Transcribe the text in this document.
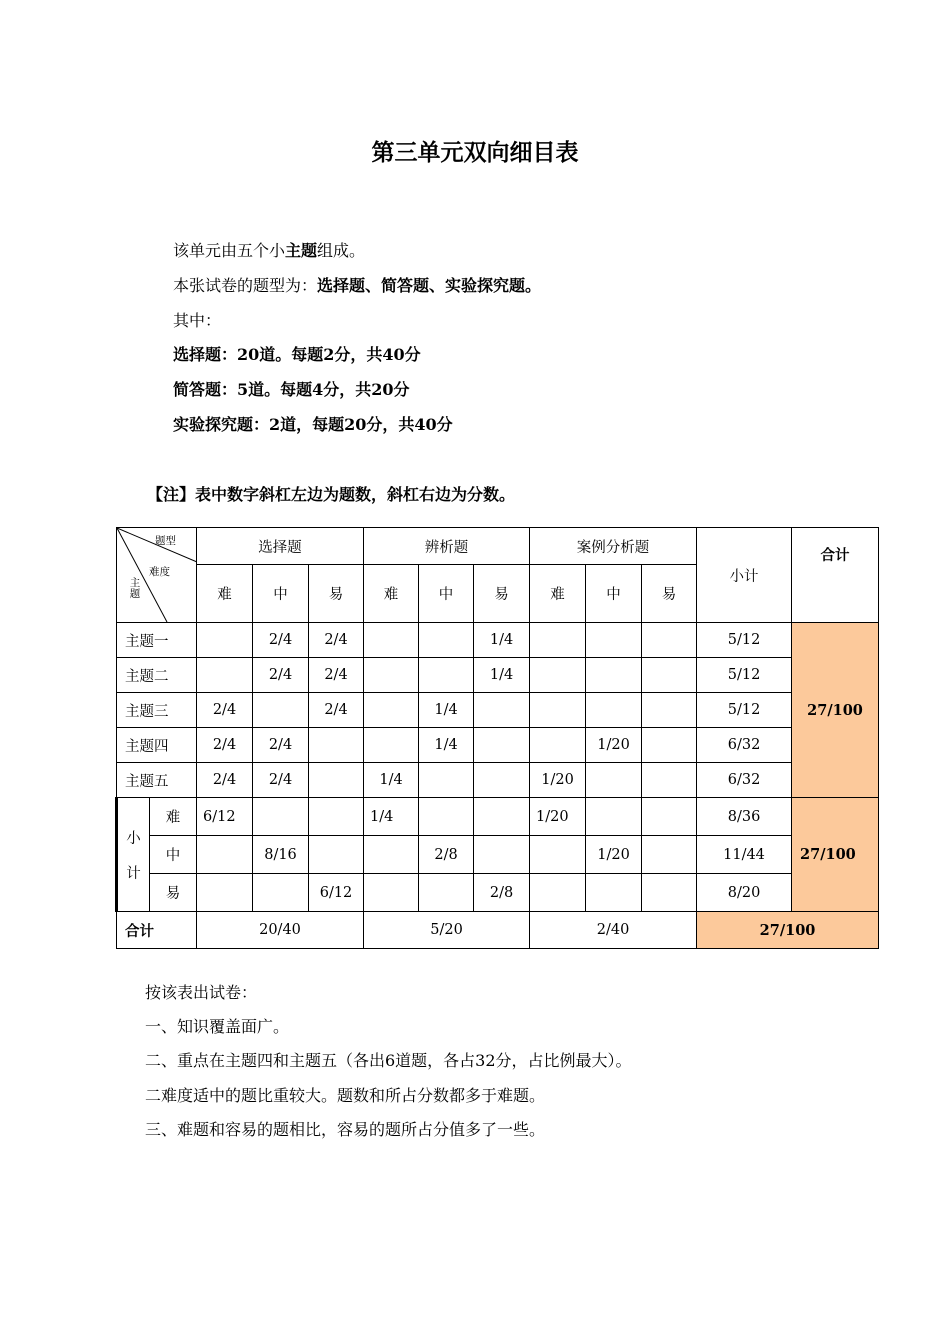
第三单元双向细目表
该单元由五个小主题组成。
本张试卷的题型为：选择题、简答题、实验探究题。
其中：
选择题：20道。每题2分，共40分
简答题：5道。每题4分，共20分
实验探究题：2道，每题20分，共40分
【注】表中数字斜杠左边为题数，斜杠右边为分数。
题型
难度
主题		选择题			辨析题			案例分析题			小计	合计
		难	中	易	难	中	易	难	中	易		
主题一			2/4	2/4			1/4				5/12	27/100
主题二			2/4	2/4			1/4				5/12	
主题三		2/4		2/4		1/4					5/12	
主题四		2/4	2/4			1/4			1/20		6/32	
主题五		2/4	2/4		1/4			1/20			6/32	

小
计	难	6/12			1/4			1/20			8/36	27/100
	中		8/16			2/8			1/20		11/44	
	易			6/12			2/8				8/20	
合计		20/40			5/20			2/40			27/100	
按该表出试卷：
一、知识覆盖面广。
二、重点在主题四和主题五（各出6道题，各占32分，占比例最大）。
二难度适中的题比重较大。题数和所占分数都多于难题。
三、难题和容易的题相比，容易的题所占分值多了一些。
